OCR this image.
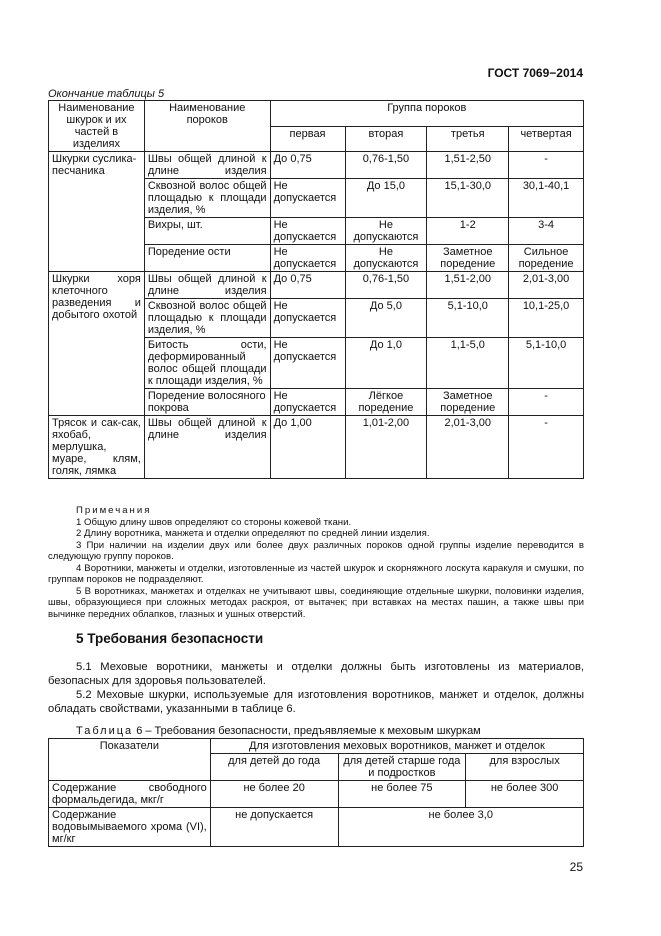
ГОСТ 7069−2014
Окончание таблицы 5
Наименование шкурок и их частей в изделиях	Наименование пороков	Группа пороков			
		первая	вторая	третья	четвертая
Шкурки суслика-песчаника	Швы общей длиной к длине изделия	До 0,75	0,76-1,50	1,51-2,50	-
	Сквозной волос общей площадью к площади изделия, %	Не допускается	До 15,0	15,1-30,0	30,1-40,1
	Вихры, шт.	Не допускается	Не допускаются	1-2	3-4
	Поредение ости	Не допускается	Не допускаются	Заметное поредение	Сильное поредение
Шкурки хоря клеточного разведения и добытого охотой	Швы общей длиной к длине изделия	До 0,75	0,76-1,50	1,51-2,00	2,01-3,00
	Сквозной волос общей площадью к площади изделия, %	Не допускается	До 5,0	5,1-10,0	10,1-25,0
	Битость ости, деформированный волос общей площади к площади изделия, %	Не допускается	До 1,0	1,1-5,0	5,1-10,0
	Поредение волосяного покрова	Не допускается	Лёгкое поредение	Заметное поредение	-
Трясок и сак-сак, яхобаб, мерлушка, муаре, клям, голяк, лямка	Швы общей длиной к длине изделия	До 1,00	1,01-2,00	2,01-3,00	-

Примечания

1 Общую длину швов определяют со стороны кожевой ткани.

2 Длину воротника, манжета и отделки определяют по средней линии изделия.

3 При наличии на изделии двух или более двух различных пороков одной группы изделие переводится в следующую группу пороков.

4 Воротники, манжеты и отделки, изготовленные из частей шкурок и скорняжного лоскута каракуля и смушки, по группам пороков не подразделяют.

5 В воротниках, манжетах и отделках не учитывают швы, соединяющие отдельные шкурки, половинки изделия, швы, образующиеся при сложных методах раскроя, от вытачек; при вставках на местах пашин, а также швы при вычинке передних облапков, глазных и ушных отверстий.

5 Требования безопасности

5.1 Меховые воротники, манжеты и отделки должны быть изготовлены из материалов, безопасных для здоровья пользователей.

5.2 Меховые шкурки, используемые для изготовления воротников, манжет и отделок, должны обладать свойствами, указанными в таблице 6.

Таблица 6 – Требования безопасности, предъявляемые к меховым шкуркам
Показатели	Для изготовления меховых воротников, манжет и отделок		
	для детей до года	для детей старше года и подростков	для взрослых
Содержание свободного формальдегида, мкг/г	не более 20	не более 75	не более 300
Содержание водовымываемого хрома (VI), мг/кг	не допускается	не более 3,0	
25
